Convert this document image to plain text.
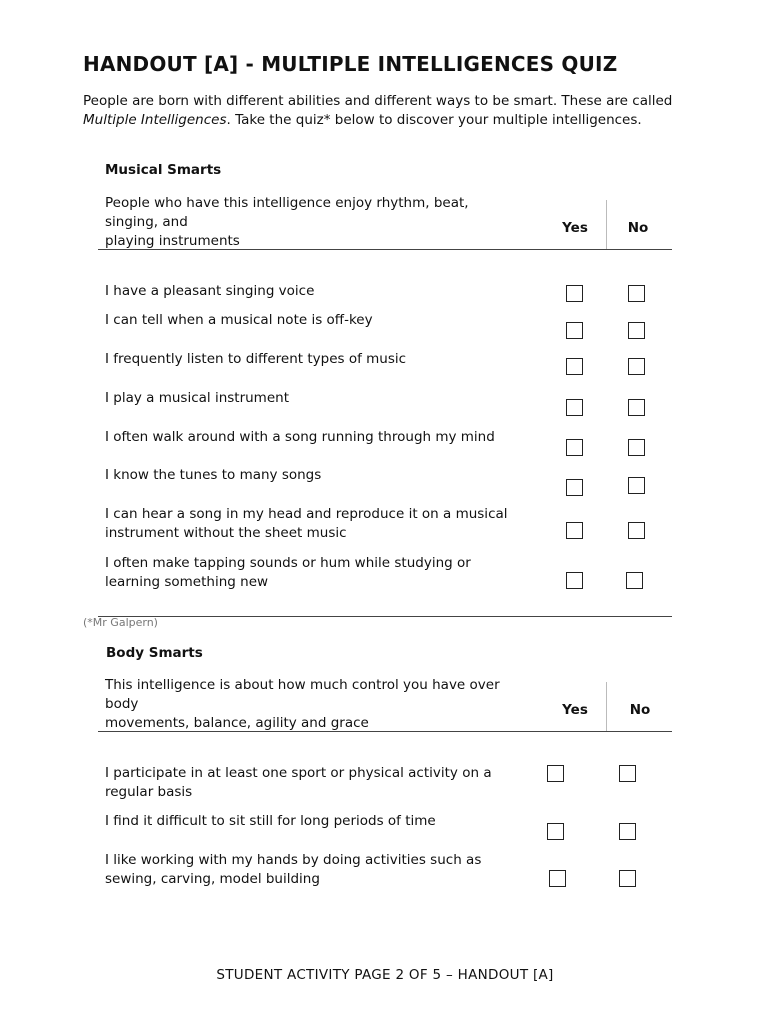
HANDOUT [A] - MULTIPLE INTELLIGENCES QUIZ
People are born with different abilities and different ways to be smart. These are called Multiple Intelligences. Take the quiz* below to discover your multiple intelligences.
Musical Smarts
People who have this intelligence enjoy rhythm, beat,
singing, and
playing instruments
Yes	No
I have a pleasant singing voice
I can tell when a musical note is off-key
I frequently listen to different types of music
I play a musical instrument
I often walk around with a song running through my mind
I know the tunes to many songs
I can hear a song in my head and reproduce it on a musical instrument without the sheet music
I often make tapping sounds or hum while studying or learning something new
(*Mr Galpern)
Body Smarts
This intelligence is about how much control you have over
body
movements, balance, agility and grace
Yes	No
I participate in at least one sport or physical activity on a regular basis
I find it difficult to sit still for long periods of time
I like working with my hands by doing activities such as sewing, carving, model building
STUDENT ACTIVITY PAGE 2 OF 5 – HANDOUT [A]
